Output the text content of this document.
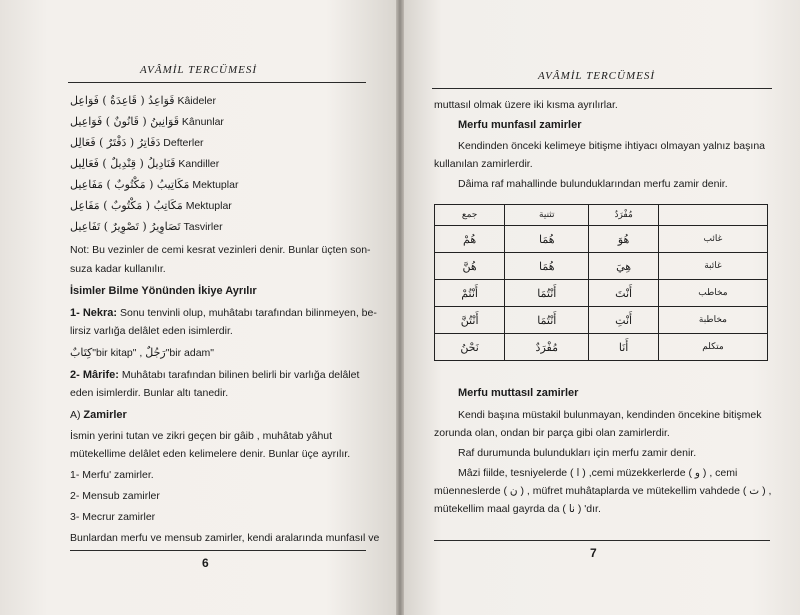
AVÂMİL TERCÜMESİ
قَوَاعِدُ ( قَاعِدَةٌ ) فَوَاعِل Kâideler
قَوَانِينُ ( قَانُونٌ ) فَوَاعِيل Kânunlar
دَفَاتِرُ ( دَفْتَرٌ ) فَعَالِل Defterler
قَنَادِيلُ ( قِنْدِيلٌ ) فَعَالِيل Kandiller
مَكَاتِيبُ ( مَكْتُوبٌ ) مَفَاعِيل Mektuplar
مَكَاتِبُ ( مَكْتُوبٌ ) مَفَاعِل Mektuplar
تَصَاوِيرُ ( تَصْوِيرٌ ) تَفَاعِيل Tasvirler
Not: Bu vezinler de cemi kesrat vezinleri denir. Bunlar üçten son-
suza kadar kullanılır.
İsimler Bilme Yönünden İkiye Ayrılır
1- Nekra: Sonu tenvinli olup, muhâtabı tarafından bilinmeyen, be-
lirsiz varlığa delâlet eden isimlerdir.
كِتَابٌ"bir kitap" , رَجُلٌ"bir adam"
2- Mârife: Muhâtabı tarafından bilinen belirli bir varlığa delâlet
eden isimlerdir. Bunlar altı tanedir.
A) Zamirler
İsmin yerini tutan ve zikri geçen bir gâib , muhâtab yâhut
mütekellime delâlet eden kelimelere denir. Bunlar üçe ayrılır.
1- Merfu' zamirler.
2- Mensub zamirler
3- Mecrur zamirler
Bunlardan merfu ve mensub zamirler, kendi aralarında munfasıl ve
6
AVÂMİL TERCÜMESİ
muttasıl olmak üzere iki kısma ayrılırlar.
Merfu munfasıl zamirler
Kendinden önceki kelimeye bitişme ihtiyacı olmayan yalnız başına
kullanılan zamirlerdir.
Dâima raf mahallinde bulunduklarından merfu zamir denir.
جمع	تثنية	مُفْرَدٌ	
هُمْ	هُمَا	هُوَ	غائب
هُنَّ	هُمَا	هِيَ	غائبة
أَنْتُمْ	أَنْتُمَا	أَنْتَ	مخاطب
أَنْتُنَّ	أَنْتُمَا	أَنْتِ	مخاطبة
نَحْنُ	مُفْرَدٌ	أَنَا	متكلم
Merfu muttasıl zamirler
Kendi başına müstakil bulunmayan, kendinden öncekine bitişmek
zorunda olan, ondan bir parça gibi olan zamirlerdir.
Raf durumunda bulundukları için merfu zamir denir.
Mâzi fiilde, tesniyelerde ( ا ) ,cemi müzekkerlerde ( و ) , cemi
müenneslerde ( ن ) , müfret muhâtaplarda ve mütekellim vahdede ( ت ) ,
mütekellim maal gayrda da ( نا ) 'dır.
7
